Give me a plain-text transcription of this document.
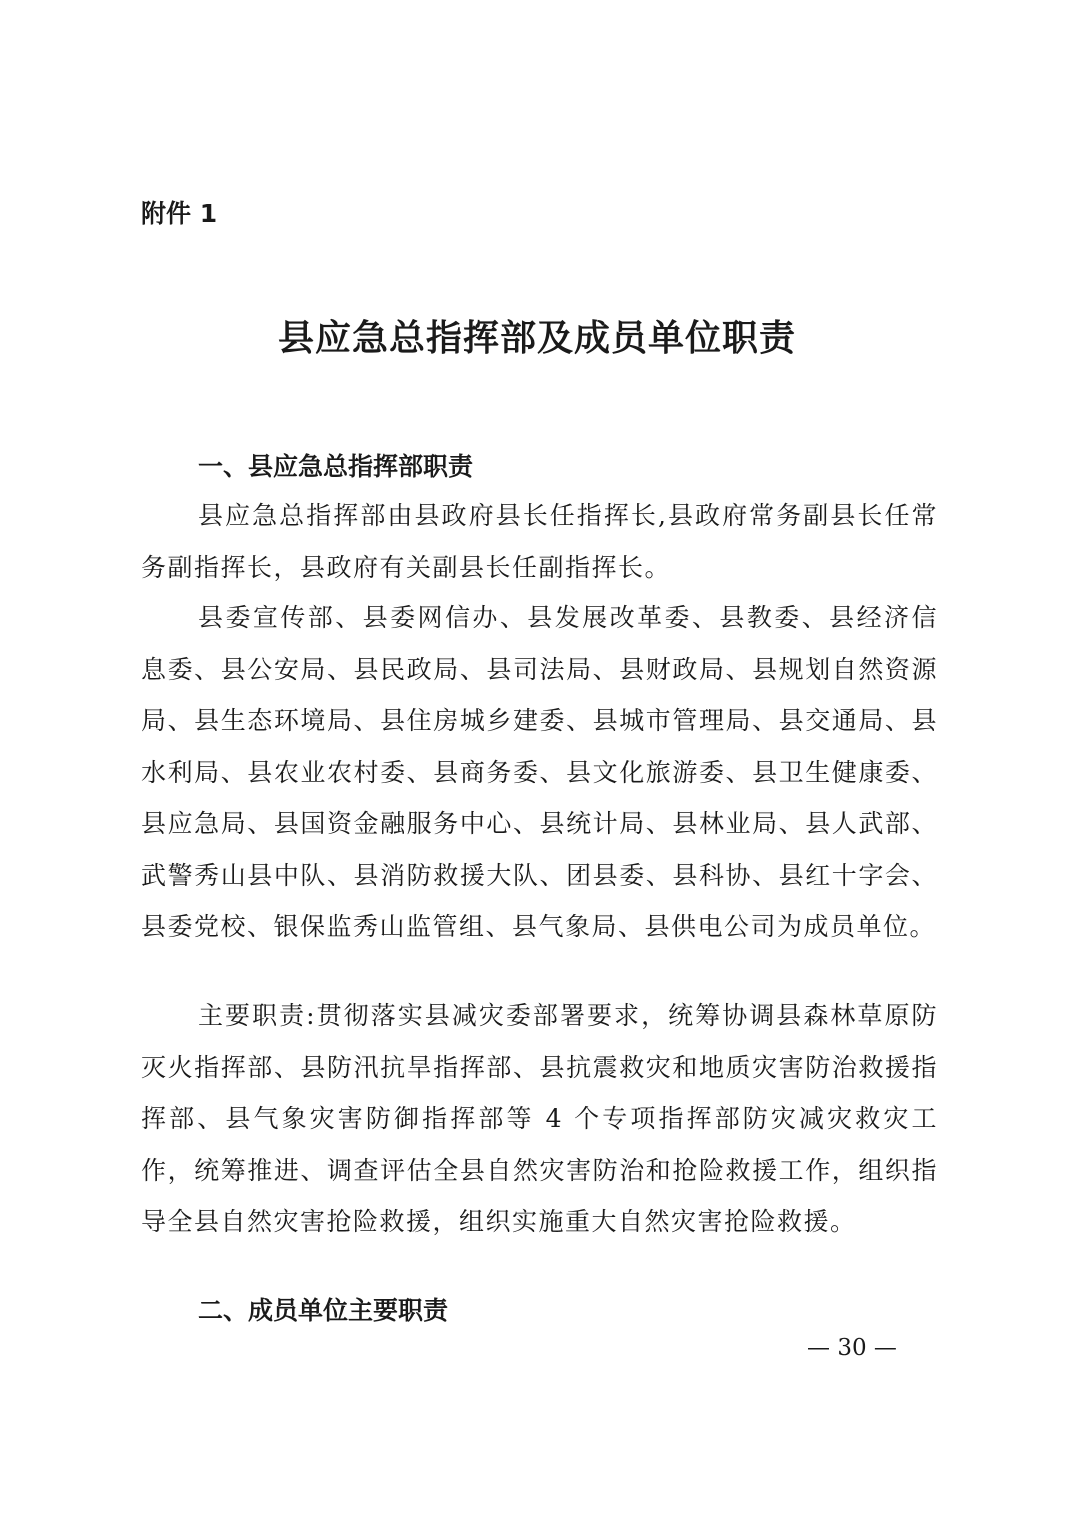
附件 1
县应急总指挥部及成员单位职责
一、县应急总指挥部职责
县应急总指挥部由县政府县长任指挥长,县政府常务副县长任常务副指挥长，县政府有关副县长任副指挥长。
县委宣传部、县委网信办、县发展改革委、县教委、县经济信息委、县公安局、县民政局、县司法局、县财政局、县规划自然资源局、县生态环境局、县住房城乡建委、县城市管理局、县交通局、县水利局、县农业农村委、县商务委、县文化旅游委、县卫生健康委、县应急局、县国资金融服务中心、县统计局、县林业局、县人武部、武警秀山县中队、县消防救援大队、团县委、县科协、县红十字会、县委党校、银保监秀山监管组、县气象局、县供电公司为成员单位。
主要职责:贯彻落实县减灾委部署要求，统筹协调县森林草原防灭火指挥部、县防汛抗旱指挥部、县抗震救灾和地质灾害防治救援指挥部、县气象灾害防御指挥部等 4 个专项指挥部防灾减灾救灾工作，统筹推进、调查评估全县自然灾害防治和抢险救援工作，组织指导全县自然灾害抢险救援，组织实施重大自然灾害抢险救援。
二、成员单位主要职责
— 30 —
